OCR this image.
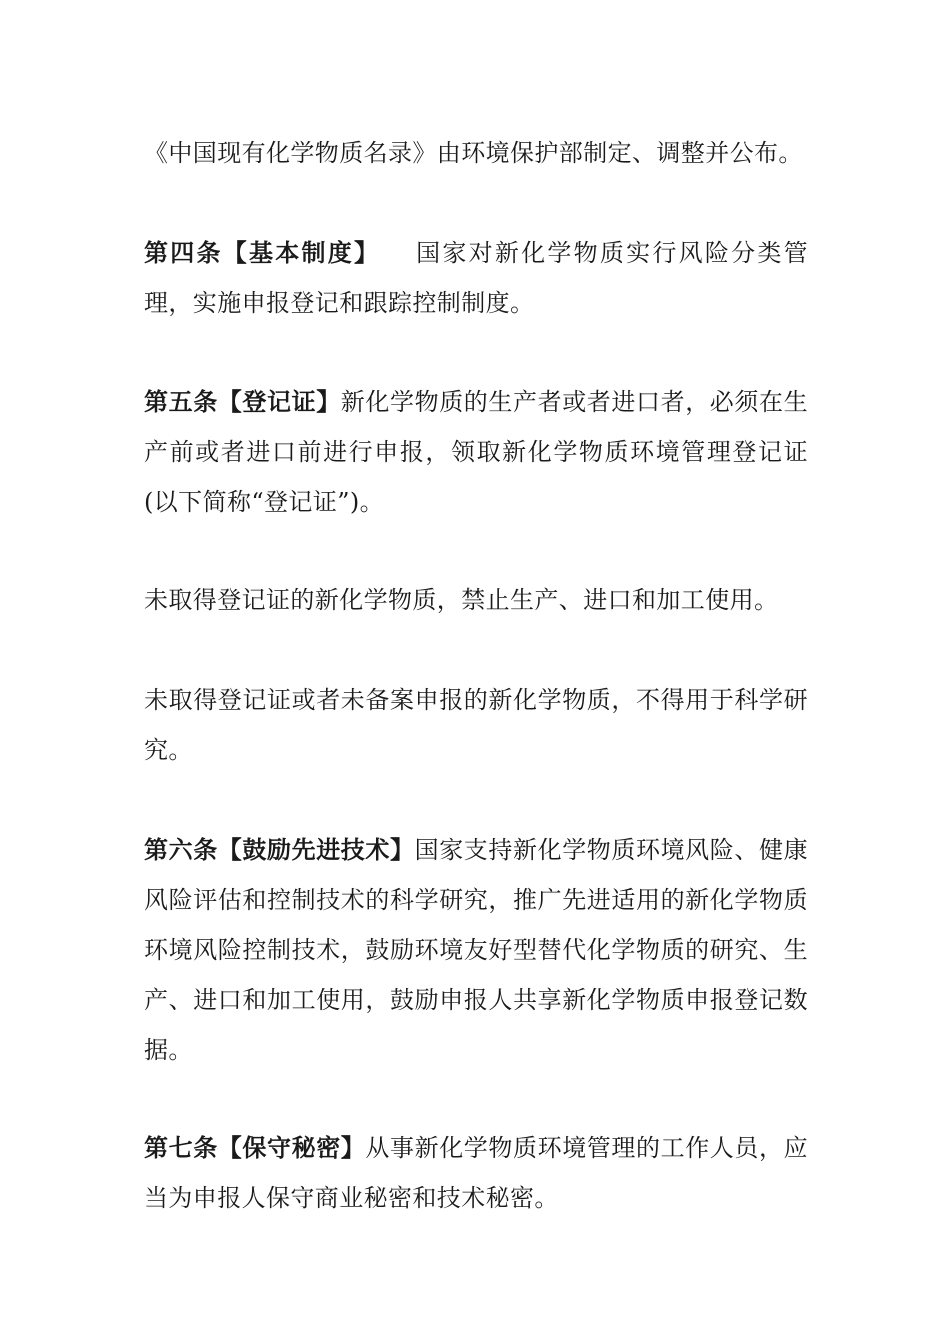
《中国现有化学物质名录》由环境保护部制定、调整并公布。

第四条【基本制度】 国家对新化学物质实行风险分类管理，实施申报登记和跟踪控制制度。

第五条【登记证】新化学物质的生产者或者进口者，必须在生产前或者进口前进行申报，领取新化学物质环境管理登记证(以下简称“登记证”)。

未取得登记证的新化学物质，禁止生产、进口和加工使用。

未取得登记证或者未备案申报的新化学物质，不得用于科学研究。

第六条【鼓励先进技术】国家支持新化学物质环境风险、健康风险评估和控制技术的科学研究，推广先进适用的新化学物质环境风险控制技术，鼓励环境友好型替代化学物质的研究、生产、进口和加工使用，鼓励申报人共享新化学物质申报登记数据。

第七条【保守秘密】从事新化学物质环境管理的工作人员，应当为申报人保守商业秘密和技术秘密。
